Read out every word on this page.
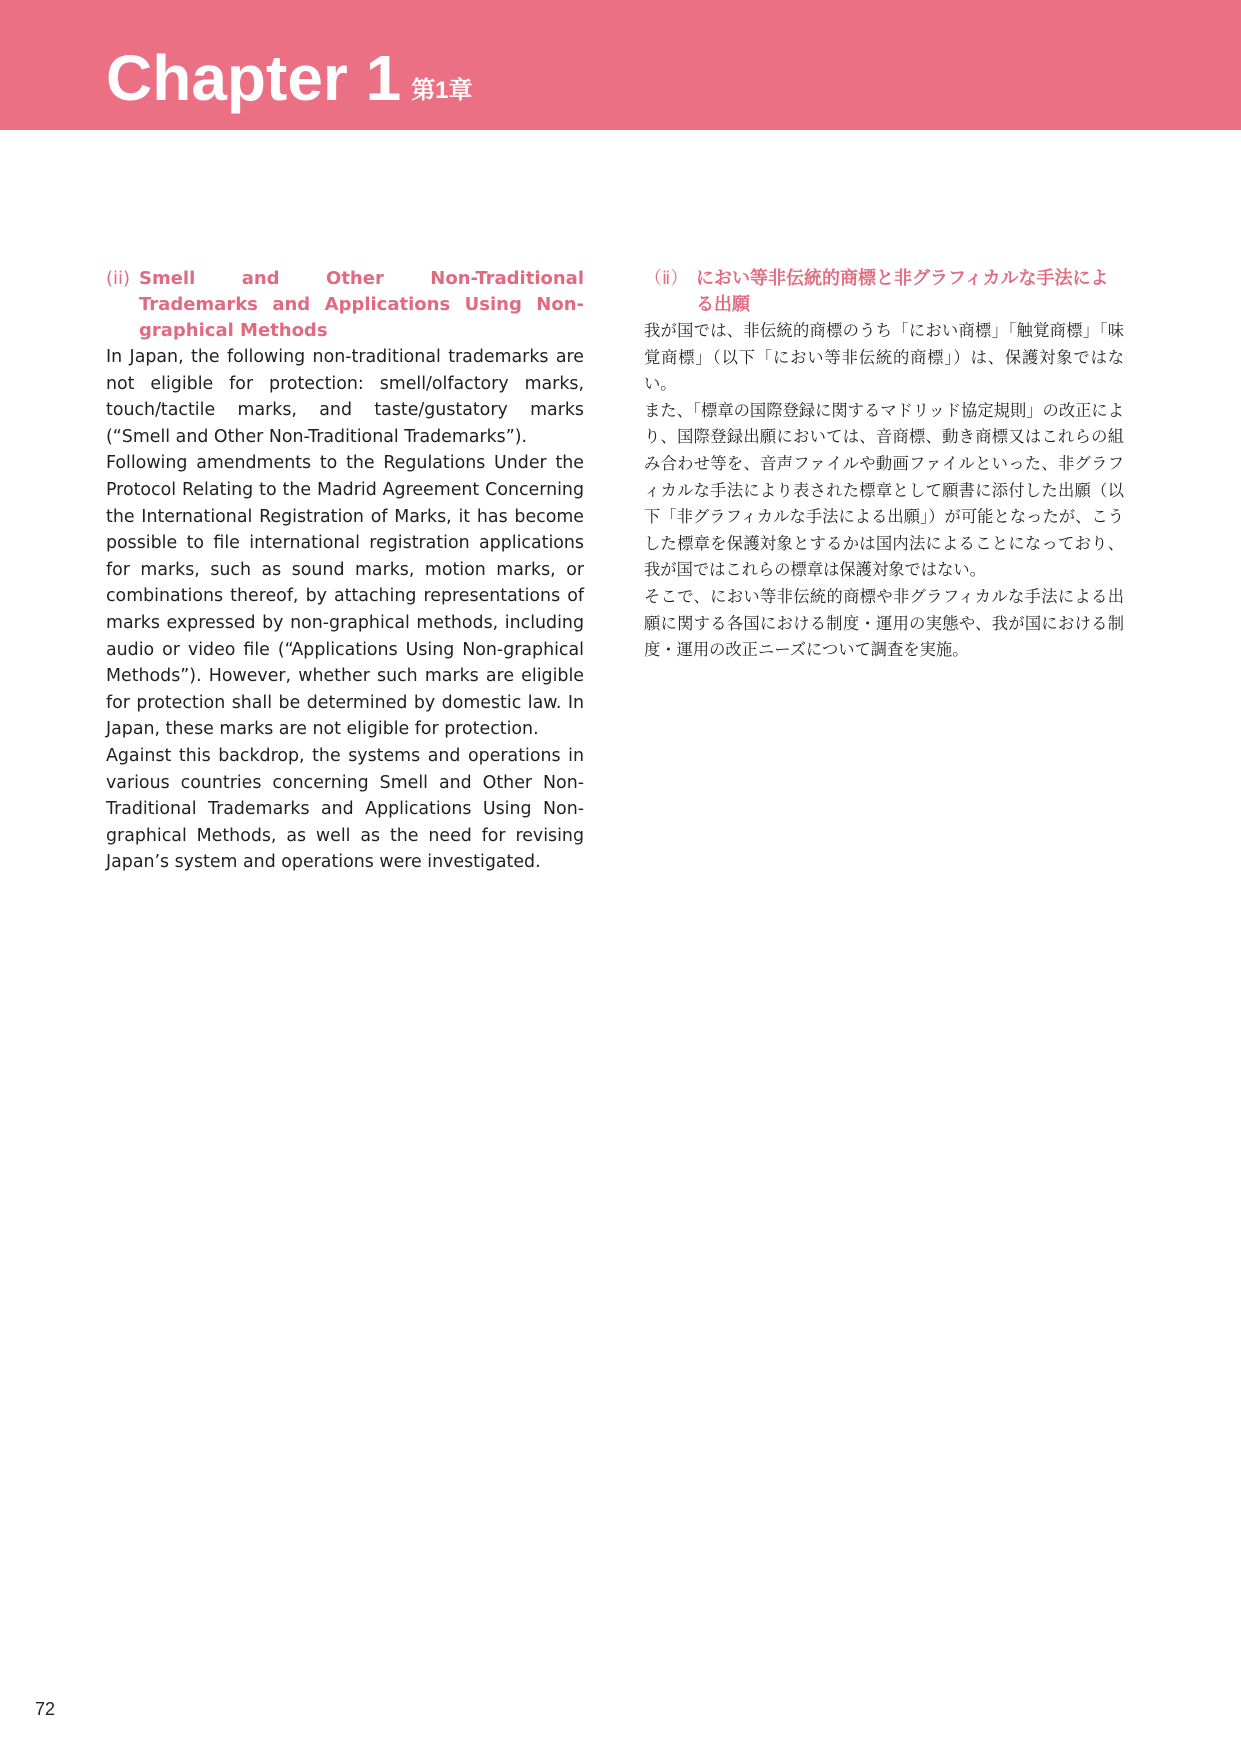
Chapter 1 第1章
(ii) Smell and Other Non-Traditional Trademarks and Applications Using Non-graphical Methods

In Japan, the following non-traditional trademarks are not eligible for protection: smell/olfactory marks, touch/tactile marks, and taste/gustatory marks (“Smell and Other Non-Traditional Trademarks”).

Following amendments to the Regulations Under the Protocol Relating to the Madrid Agreement Concerning the International Registration of Marks, it has become possible to file international registration applications for marks, such as sound marks, motion marks, or combinations thereof, by attaching representations of marks expressed by non-graphical methods, including audio or video file (“Applications Using Non-graphical Methods”). However, whether such marks are eligible for protection shall be determined by domestic law. In Japan, these marks are not eligible for protection.

Against this backdrop, the systems and operations in various countries concerning Smell and Other Non-Traditional Trademarks and Applications Using Non-graphical Methods, as well as the need for revising Japan’s system and operations were investigated.

（ⅱ） におい等非伝統的商標と非グラフィカルな手法による出願

我が国では、非伝統的商標のうち「におい商標」「触覚商標」「味覚商標」（以下「におい等非伝統的商標」）は、保護対象ではない。

また、「標章の国際登録に関するマドリッド協定規則」の改正により、国際登録出願においては、音商標、動き商標又はこれらの組み合わせ等を、音声ファイルや動画ファイルといった、非グラフィカルな手法により表された標章として願書に添付した出願（以下「非グラフィカルな手法による出願」）が可能となったが、こうした標章を保護対象とするかは国内法によることになっており、我が国ではこれらの標章は保護対象ではない。

そこで、におい等非伝統的商標や非グラフィカルな手法による出願に関する各国における制度・運用の実態や、我が国における制度・運用の改正ニーズについて調査を実施。

72
